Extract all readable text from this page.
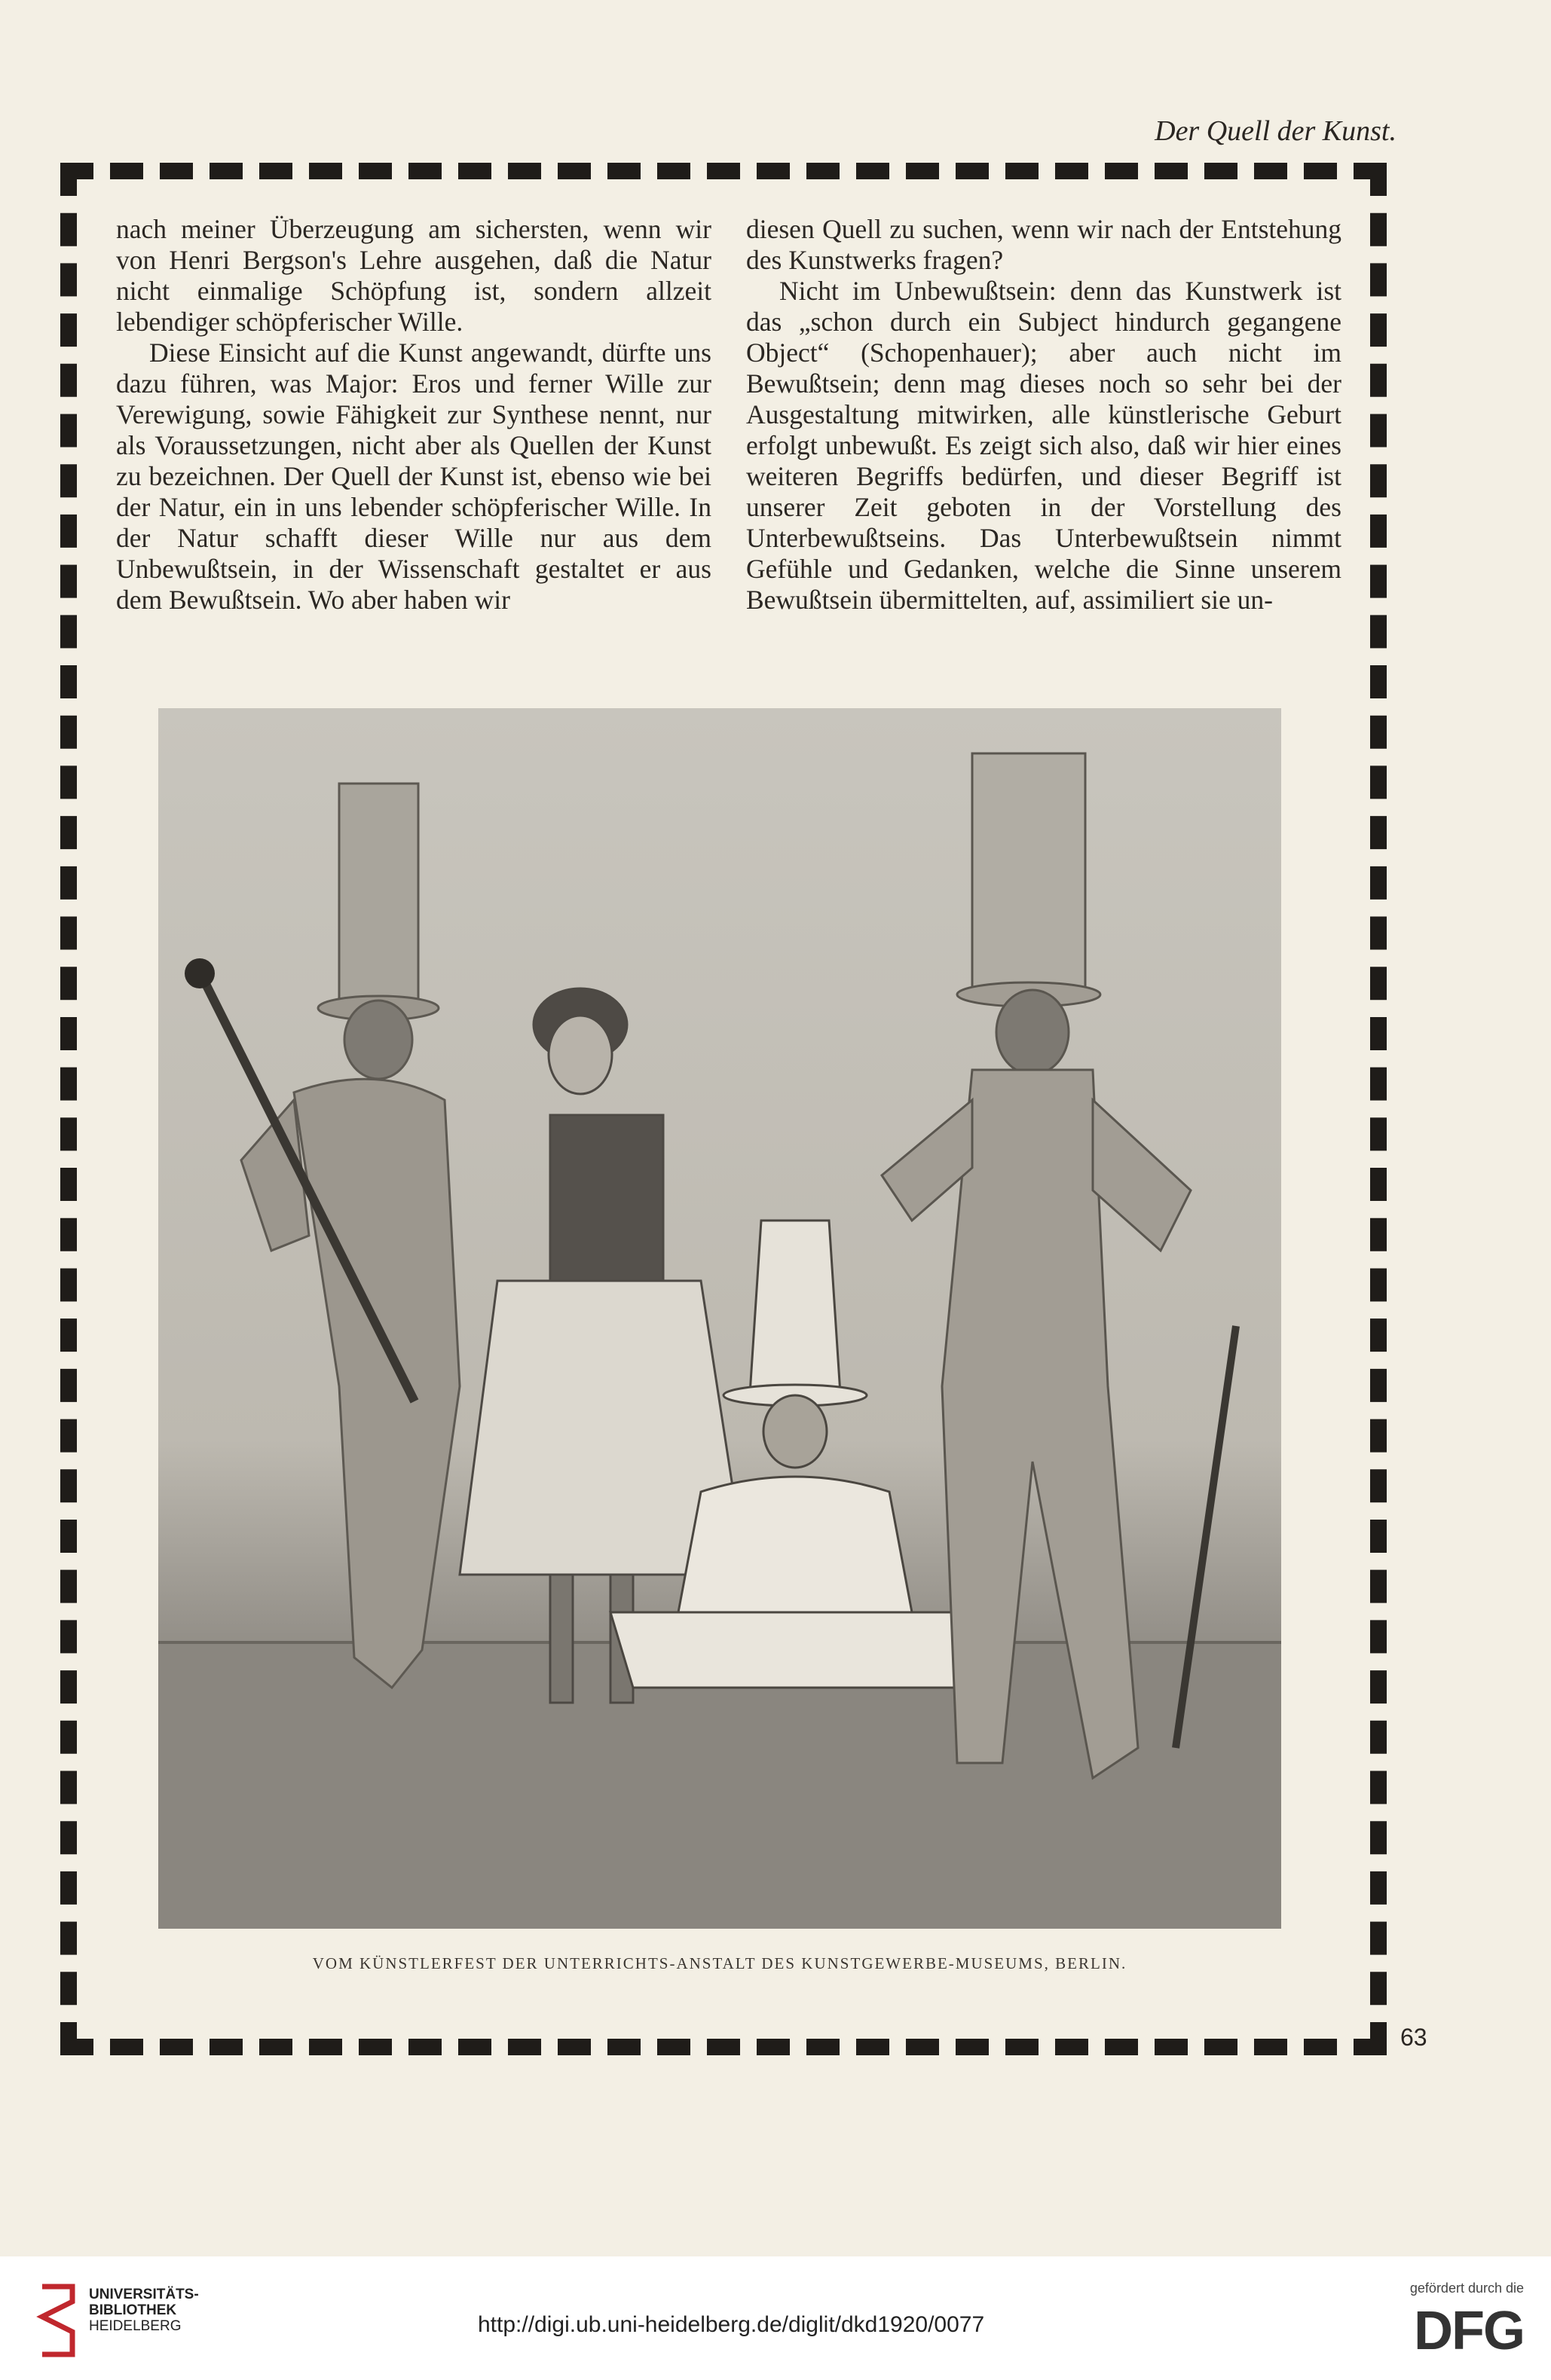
Der Quell der Kunst.

nach meiner Überzeugung am sichersten, wenn wir von Henri Bergson's Lehre ausgehen, daß die Natur nicht einmalige Schöpfung ist, sondern allzeit lebendiger schöpferischer Wille.

Diese Einsicht auf die Kunst angewandt, dürfte uns dazu führen, was Major: Eros und ferner Wille zur Verewigung, sowie Fähigkeit zur Synthese nennt, nur als Voraussetzungen, nicht aber als Quellen der Kunst zu bezeichnen. Der Quell der Kunst ist, ebenso wie bei der Natur, ein in uns lebender schöpferischer Wille. In der Natur schafft dieser Wille nur aus dem Unbewußtsein, in der Wissenschaft gestaltet er aus dem Bewußtsein. Wo aber haben wir

diesen Quell zu suchen, wenn wir nach der Entstehung des Kunstwerks fragen?

Nicht im Unbewußtsein: denn das Kunstwerk ist das „schon durch ein Subject hindurch gegangene Object“ (Schopenhauer); aber auch nicht im Bewußtsein; denn mag dieses noch so sehr bei der Ausgestaltung mitwirken, alle künstlerische Geburt erfolgt unbewußt. Es zeigt sich also, daß wir hier eines weiteren Begriffs bedürfen, und dieser Begriff ist unserer Zeit geboten in der Vorstellung des Unterbewußtseins. Das Unterbewußtsein nimmt Gefühle und Gedanken, welche die Sinne unserem Bewußtsein übermittelten, auf, assimiliert sie un-

VOM KÜNSTLERFEST DER UNTERRICHTS-ANSTALT DES KUNSTGEWERBE-MUSEUMS, BERLIN.
63
UNIVERSITÄTS-
BIBLIOTHEK
HEIDELBERG	http://digi.ub.uni-heidelberg.de/diglit/dkd1920/0077
gefördert durch die
DFG
